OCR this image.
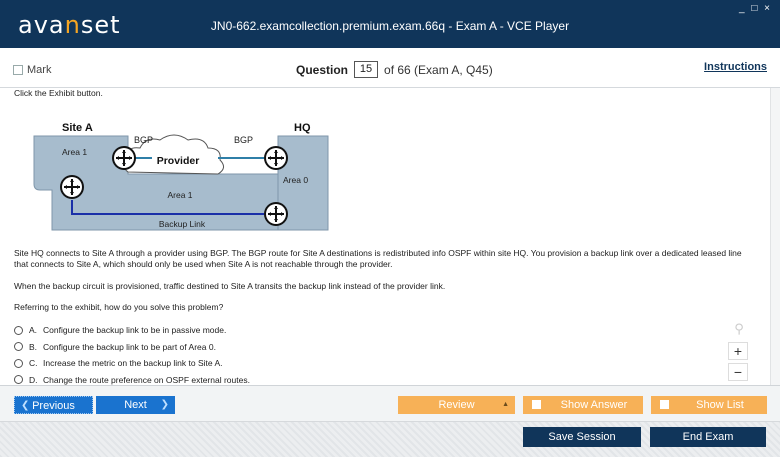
avanset	JN0-662.examcollection.premium.exam.66q - Exam A - VCE Player
_ □ ×
Mark	Question	15 of 66 (Exam A, Q45)	Instructions
Click the Exhibit button.
Site A	HQ
BGP	BGP
Provider
Area 1
Area 0
Area 1
Backup Link
Site HQ connects to Site A through a provider using BGP. The BGP route for Site A destinations is redistributed info OSPF within site HQ. You provision a backup link over a dedicated leased line that connects to Site A, which should only be used when Site A is not reachable through the provider.
When the backup circuit is provisioned, traffic destined to Site A transits the backup link instead of the provider link.
Referring to the exhibit, how do you solve this problem?
A. Configure the backup link to be in passive mode.
B. Configure the backup link to be part of Area 0.
C. Increase the metric on the backup link to Site A.
D. Change the route preference on OSPF external routes.
⚲
+
−
❮ Previous	Next ❯	Review	▲	Show Answer	Show List
Save Session	End Exam
